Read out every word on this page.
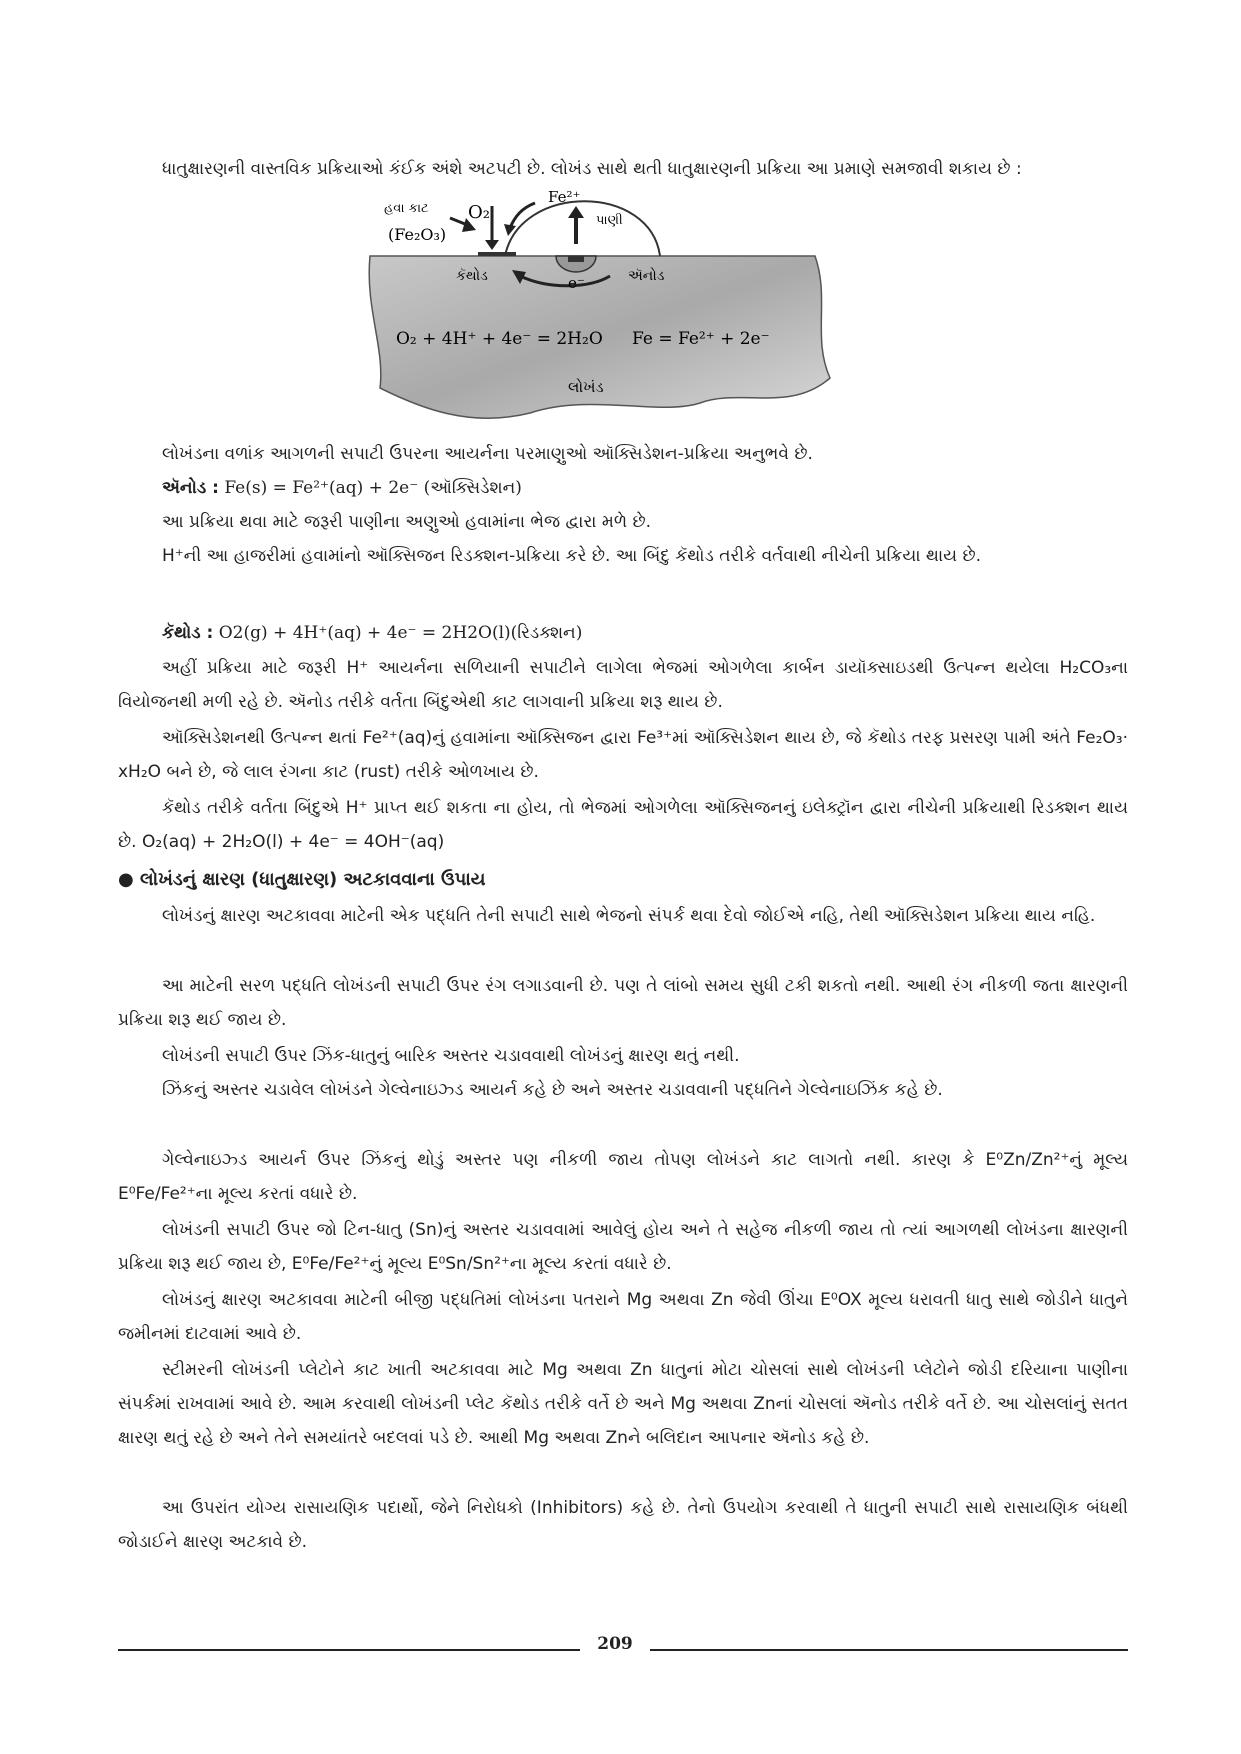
ધાતુક્ષારણની વાસ્તવિક પ્રક્રિયાઓ કંઈક અંશે અટપટી છે. લોખંડ સાથે થતી ધાતુક્ષારણની પ્રક્રિયા આ પ્રમાણે સમજાવી શકાય છે :
હવા કાટ O₂
Fe²⁺
પાણી
(Fe₂O₃)
કૅથોડ	e⁻	ઍનોડ
O₂ + 4H⁺ + 4e⁻ = 2H₂O Fe = Fe²⁺ + 2e⁻
લોખંડ
લોખંડના વળાંક આગળની સપાટી ઉપરના આયર્નના પરમાણુઓ ઑક્સિડેશન-પ્રક્રિયા અનુભવે છે.
ઍનોડ : Fe(s) = Fe²⁺(aq) + 2e⁻ (ઑક્સિડેશન)
આ પ્રક્રિયા થવા માટે જરૂરી પાણીના અણુઓ હવામાંના ભેજ દ્વારા મળે છે.
H⁺ની આ હાજરીમાં હવામાંનો ઑક્સિજન રિડક્શન-પ્રક્રિયા કરે છે. આ બિંદુ કૅથોડ તરીકે વર્તવાથી નીચેની પ્રક્રિયા થાય છે.
કૅથોડ : O2(g) + 4H⁺(aq) + 4e⁻ = 2H2O(l)(રિડક્શન)
અહીં પ્રક્રિયા માટે જરૂરી H⁺ આયર્નના સળિયાની સપાટીને લાગેલા ભેજમાં ઓગળેલા કાર્બન ડાયૉક્સાઇડથી ઉત્પન્ન થયેલા H₂CO₃ના વિયોજનથી મળી રહે છે. ઍનોડ તરીકે વર્તતા બિંદુએથી કાટ લાગવાની પ્રક્રિયા શરૂ થાય છે.
ઑક્સિડેશનથી ઉત્પન્ન થતાં Fe²⁺(aq)નું હવામાંના ઑક્સિજન દ્વારા Fe³⁺માં ઑક્સિડેશન થાય છે, જે કૅથોડ તરફ પ્રસરણ પામી અંતે Fe₂O₃· xH₂O બને છે, જે લાલ રંગના કાટ (rust) તરીકે ઓળખાય છે.
કૅથોડ તરીકે વર્તતા બિંદુએ H⁺ પ્રાપ્ત થઈ શકતા ના હોય, તો ભેજમાં ઓગળેલા ઑક્સિજનનું ઇલેક્ટ્રૉન દ્વારા નીચેની પ્રક્રિયાથી રિડક્શન થાય છે. O₂(aq) + 2H₂O(l) + 4e⁻ = 4OH⁻(aq)
● લોખંડનું ક્ષારણ (ધાતુક્ષારણ) અટકાવવાના ઉપાય
લોખંડનું ક્ષારણ અટકાવવા માટેની એક પદ્ધતિ તેની સપાટી સાથે ભેજનો સંપર્ક થવા દેવો જોઈએ નહિ, તેથી ઑક્સિડેશન પ્રક્રિયા થાય નહિ.
આ માટેની સરળ પદ્ધતિ લોખંડની સપાટી ઉપર રંગ લગાડવાની છે. પણ તે લાંબો સમય સુધી ટકી શકતો નથી. આથી રંગ નીકળી જતા ક્ષારણની પ્રક્રિયા શરૂ થઈ જાય છે.
લોખંડની સપાટી ઉપર ઝિંક-ધાતુનું બારિક અસ્તર ચડાવવાથી લોખંડનું ક્ષારણ થતું નથી.
ઝિંકનું અસ્તર ચડાવેલ લોખંડને ગેલ્વેનાઇઝ્ડ આયર્ન કહે છે અને અસ્તર ચડાવવાની પદ્ધતિને ગેલ્વેનાઇઝિંક કહે છે.
ગેલ્વેનાઇઝ્ડ આયર્ન ઉપર ઝિંકનું થોડું અસ્તર પણ નીકળી જાય તોપણ લોખંડને કાટ લાગતો નથી. કારણ કે E⁰Zn/Zn²⁺નું મૂલ્ય E⁰Fe/Fe²⁺ના મૂલ્ય કરતાં વધારે છે.
લોખંડની સપાટી ઉપર જો ટિન-ધાતુ (Sn)નું અસ્તર ચડાવવામાં આવેલું હોય અને તે સહેજ નીકળી જાય તો ત્યાં આગળથી લોખંડના ક્ષારણની પ્રક્રિયા શરૂ થઈ જાય છે, E⁰Fe/Fe²⁺નું મૂલ્ય E⁰Sn/Sn²⁺ના મૂલ્ય કરતાં વધારે છે.
લોખંડનું ક્ષારણ અટકાવવા માટેની બીજી પદ્ધતિમાં લોખંડના પતરાને Mg અથવા Zn જેવી ઊંચા E⁰OX મૂલ્ય ધરાવતી ધાતુ સાથે જોડીને ધાતુને જમીનમાં દાટવામાં આવે છે.
સ્ટીમરની લોખંડની પ્લેટોને કાટ ખાતી અટકાવવા માટે Mg અથવા Zn ધાતુનાં મોટા ચોસલાં સાથે લોખંડની પ્લેટોને જોડી દરિયાના પાણીના સંપર્કમાં રાખવામાં આવે છે. આમ કરવાથી લોખંડની પ્લેટ કૅથોડ તરીકે વર્તે છે અને Mg અથવા Znનાં ચોસલાં ઍનોડ તરીકે વર્તે છે. આ ચોસલાંનું સતત ક્ષારણ થતું રહે છે અને તેને સમયાંતરે બદલવાં પડે છે. આથી Mg અથવા Znને બલિદાન આપનાર ઍનોડ કહે છે.
આ ઉપરાંત યોગ્ય રાસાયણિક પદાર્થો, જેને નિરોધકો (Inhibitors) કહે છે. તેનો ઉપયોગ કરવાથી તે ધાતુની સપાટી સાથે રાસાયણિક બંધથી જોડાઈને ક્ષારણ અટકાવે છે.
209
